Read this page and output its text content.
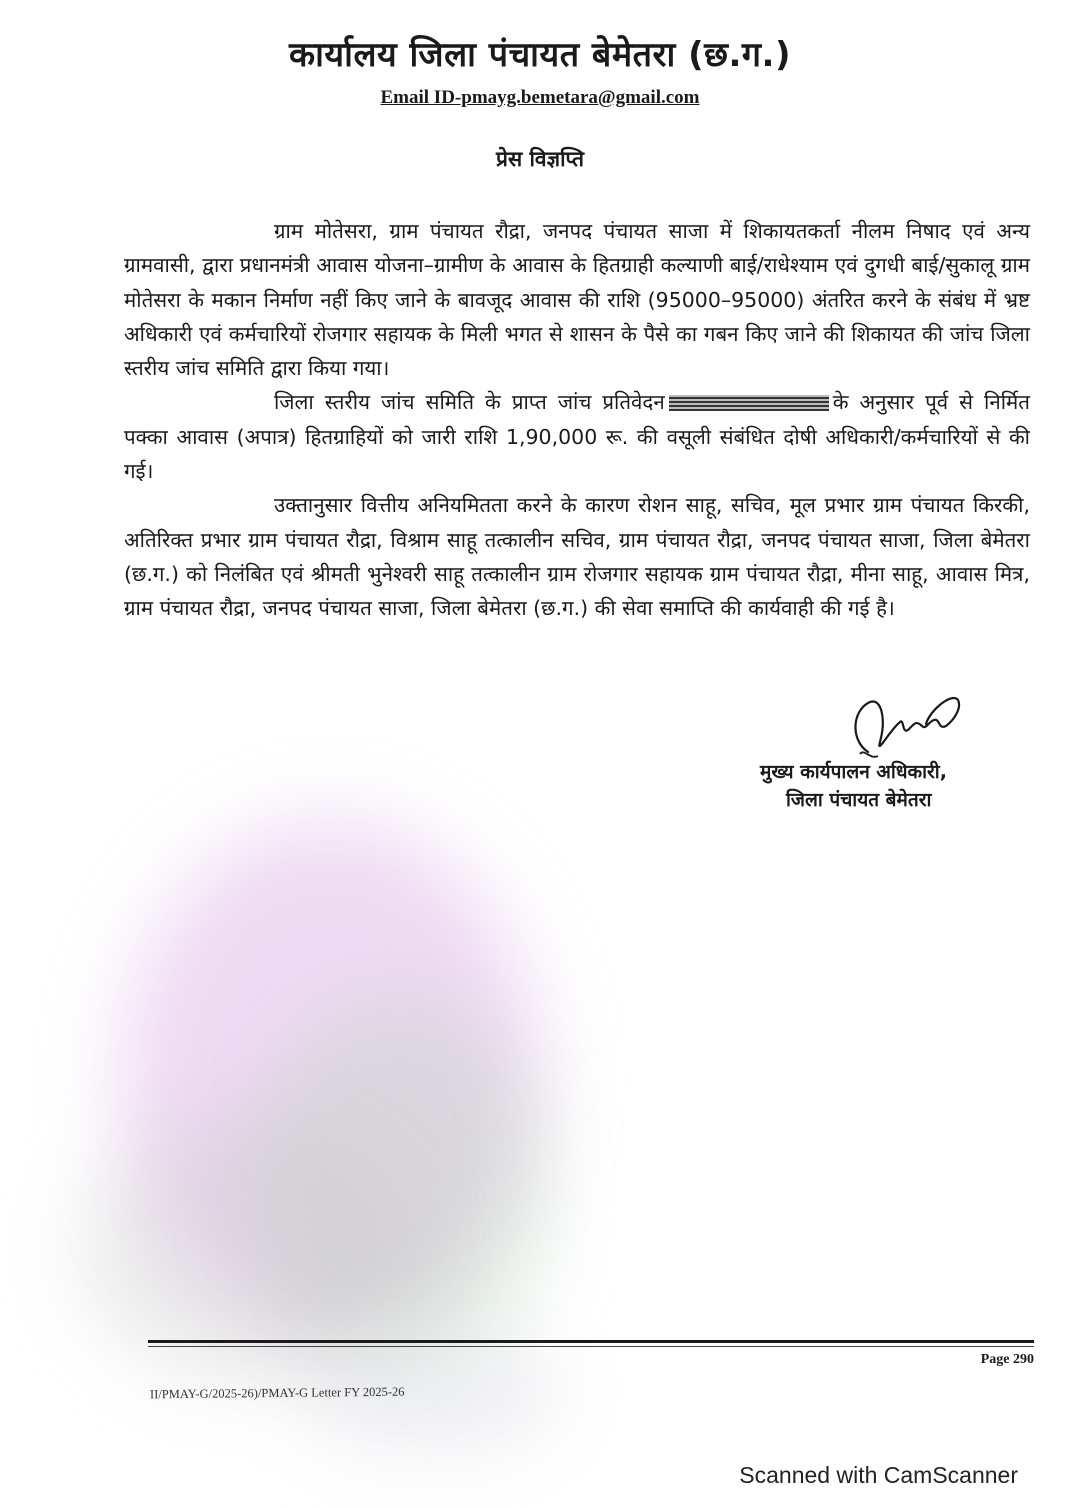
कार्यालय जिला पंचायत बेमेतरा (छ.ग.)
Email ID-pmayg.bemetara@gmail.com
प्रेस विज्ञप्ति

ग्राम मोतेसरा, ग्राम पंचायत रौद्रा, जनपद पंचायत साजा में शिकायतकर्ता नीलम निषाद एवं अन्य ग्रामवासी, द्वारा प्रधानमंत्री आवास योजना–ग्रामीण के आवास के हितग्राही कल्याणी बाई/राधेश्याम एवं दुगधी बाई/सुकालू ग्राम मोतेसरा के मकान निर्माण नहीं किए जाने के बावजूद आवास की राशि (95000–95000) अंतरित करने के संबंध में भ्रष्ट अधिकारी एवं कर्मचारियों रोजगार सहायक के मिली भगत से शासन के पैसे का गबन किए जाने की शिकायत की जांच जिला स्तरीय जांच समिति द्वारा किया गया।

जिला स्तरीय जांच समिति के प्राप्त जांच प्रतिवेदन	के अनुसार पूर्व से निर्मित पक्का आवास (अपात्र) हितग्राहियों को जारी राशि 1,90,000 रू. की वसूली संबंधित दोषी अधिकारी/कर्मचारियों से की गई।

उक्तानुसार वित्तीय अनियमितता करने के कारण रोशन साहू, सचिव, मूल प्रभार ग्राम पंचायत किरकी, अतिरिक्त प्रभार ग्राम पंचायत रौद्रा, विश्राम साहू तत्कालीन सचिव, ग्राम पंचायत रौद्रा, जनपद पंचायत साजा, जिला बेमेतरा (छ.ग.) को निलंबित एवं श्रीमती भुनेश्वरी साहू तत्कालीन ग्राम रोजगार सहायक ग्राम पंचायत रौद्रा, मीना साहू, आवास मित्र, ग्राम पंचायत रौद्रा, जनपद पंचायत साजा, जिला बेमेतरा (छ.ग.) की सेवा समाप्ति की कार्यवाही की गई है।

मुख्य कार्यपालन अधिकारी,
जिला पंचायत बेमेतरा
Page 290
II/PMAY-G/2025-26)/PMAY-G Letter FY 2025-26
Scanned with CamScanner
